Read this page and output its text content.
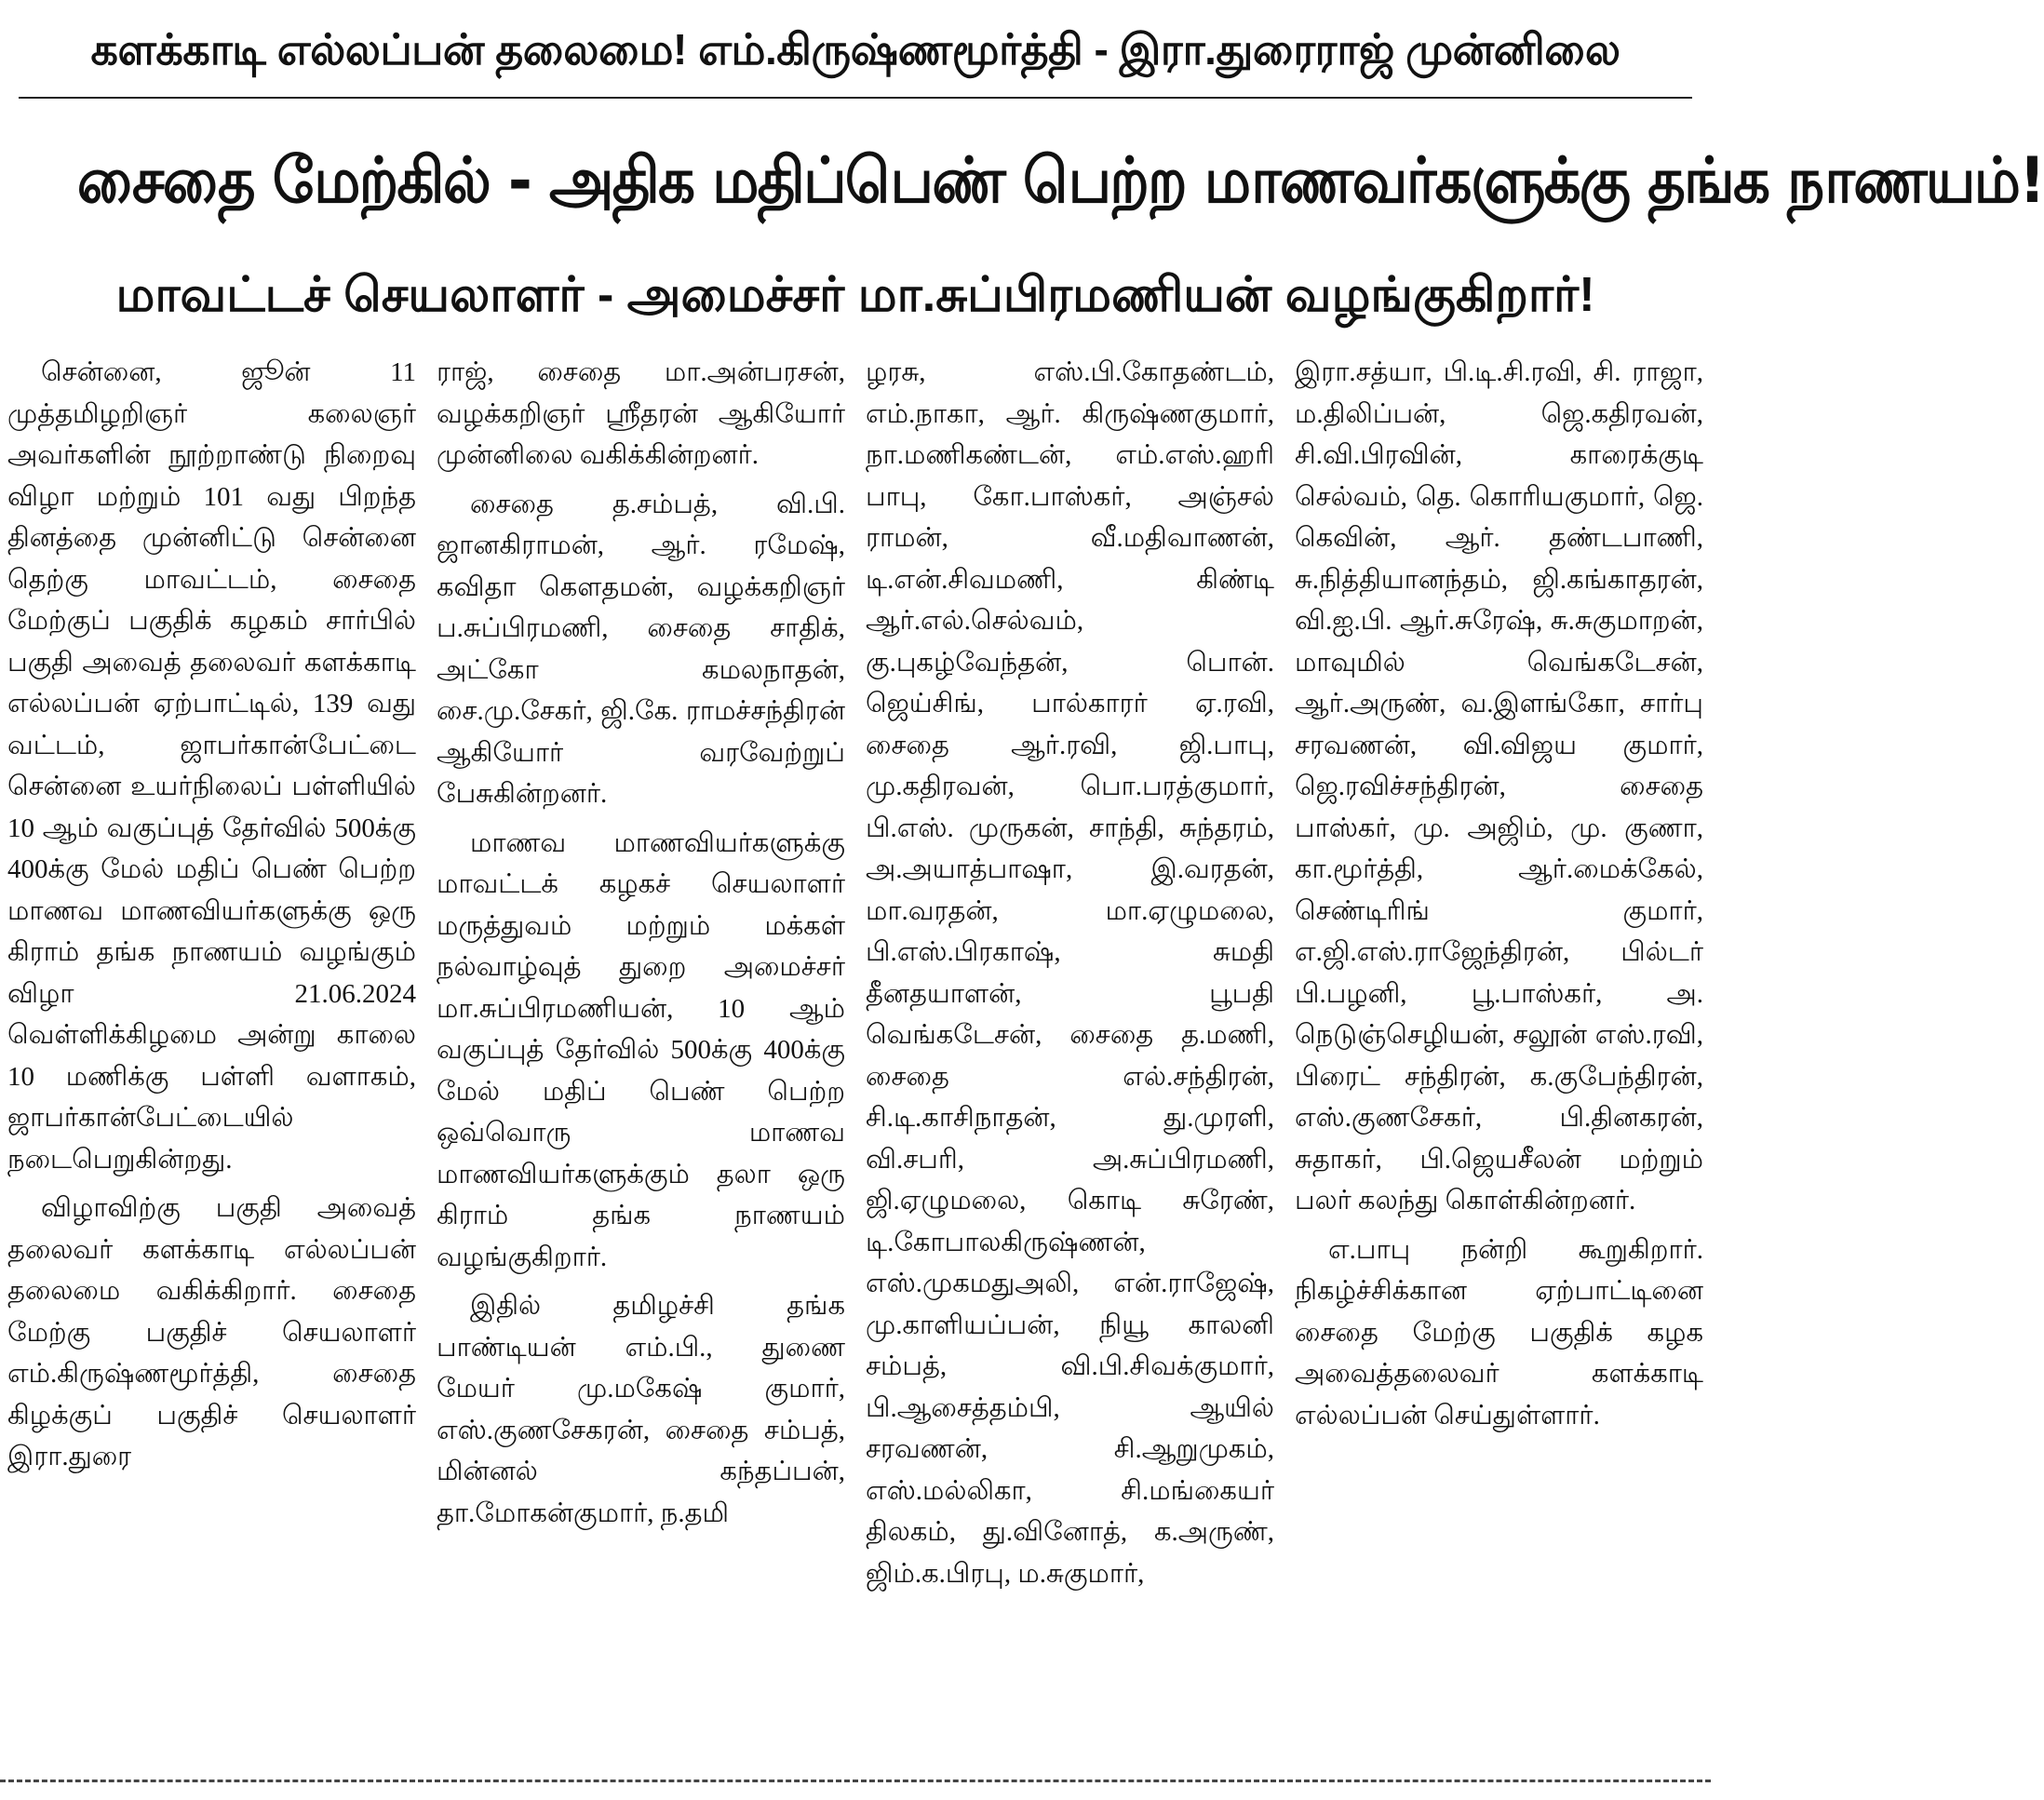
களக்காடி எல்லப்பன் தலைமை! எம்.கிருஷ்ணமூர்த்தி - இரா.துரைராஜ் முன்னிலை
சைதை மேற்கில் - அதிக மதிப்பெண் பெற்ற மாணவர்களுக்கு தங்க நாணயம்!
மாவட்டச் செயலாளர் - அமைச்சர் மா.சுப்பிரமணியன் வழங்குகிறார்!

சென்னை, ஜூன் 11 முத்தமிழறிஞர் கலைஞர் அவர்களின் நூற்றாண்டு நிறைவு விழா மற்றும் 101 வது பிறந்த தினத்தை முன்னிட்டு சென்னை தெற்கு மாவட்டம், சைதை மேற்குப் பகுதிக் கழகம் சார்பில் பகுதி அவைத் தலைவர் களக்காடி எல்லப்பன் ஏற்பாட்டில், 139 வது வட்டம், ஜாபர்கான்பேட்டை சென்னை உயர்நிலைப் பள்ளியில் 10 ஆம் வகுப்புத் தேர்வில் 500க்கு 400க்கு மேல் மதிப் பெண் பெற்ற மாணவ மாணவியர்களுக்கு ஒரு கிராம் தங்க நாணயம் வழங்கும் விழா 21.06.2024 வெள்ளிக்கிழமை அன்று காலை 10 மணிக்கு பள்ளி வளாகம், ஜாபர்கான்பேட்டையில் நடைபெறுகின்றது.

விழாவிற்கு பகுதி அவைத் தலைவர் களக்காடி எல்லப்பன் தலைமை வகிக்கிறார். சைதை மேற்கு பகுதிச் செயலாளர் எம்.கிருஷ்ணமூர்த்தி, சைதை கிழக்குப் பகுதிச் செயலாளர் இரா.துரை

ராஜ், சைதை மா.அன்பரசன், வழக்கறிஞர் ஸ்ரீதரன் ஆகியோர் முன்னிலை வகிக்கின்றனர்.

சைதை த.சம்பத், வி.பி. ஜானகிராமன், ஆர். ரமேஷ், கவிதா கௌதமன், வழக்கறிஞர் ப.சுப்பிரமணி, சைதை சாதிக், அட்கோ கமலநாதன், சை.மு.சேகர், ஜி.கே. ராமச்சந்திரன் ஆகியோர் வரவேற்றுப் பேசுகின்றனர்.

மாணவ மாணவியர்களுக்கு மாவட்டக் கழகச் செயலாளர் மருத்துவம் மற்றும் மக்கள் நல்வாழ்வுத் துறை அமைச்சர் மா.சுப்பிரமணியன், 10 ஆம் வகுப்புத் தேர்வில் 500க்கு 400க்கு மேல் மதிப் பெண் பெற்ற ஒவ்வொரு மாணவ மாணவியர்களுக்கும் தலா ஒரு கிராம் தங்க நாணயம் வழங்குகிறார்.

இதில் தமிழச்சி தங்க பாண்டியன் எம்.பி., துணை மேயர் மு.மகேஷ் குமார், எஸ்.குணசேகரன், சைதை சம்பத், மின்னல் கந்தப்பன், தா.மோகன்குமார், ந.தமி

ழரசு, எஸ்.பி.கோதண்டம், எம்.நாகா, ஆர். கிருஷ்ணகுமார், நா.மணிகண்டன், எம்.எஸ்.ஹரி பாபு, கோ.பாஸ்கர், அஞ்சல் ராமன், வீ.மதிவாணன், டி.என்.சிவமணி, கிண்டி ஆர்.எல்.செல்வம், கு.புகழ்வேந்தன், பொன். ஜெய்சிங், பால்காரர் ஏ.ரவி, சைதை ஆர்.ரவி, ஜி.பாபு, மு.கதிரவன், பொ.பரத்குமார், பி.எஸ். முருகன், சாந்தி, சுந்தரம், அ.அயாத்பாஷா, இ.வரதன், மா.வரதன், மா.ஏழுமலை, பி.எஸ்.பிரகாஷ், சுமதி தீனதயாளன், பூபதி வெங்கடேசன், சைதை த.மணி, சைதை எல்.சந்திரன், சி.டி.காசிநாதன், து.முரளி, வி.சபரி, அ.சுப்பிரமணி, ஜி.ஏழுமலை, கொடி சுரேண், டி.கோபாலகிருஷ்ணன், எஸ்.முகமதுஅலி, என்.ராஜேஷ், மு.காளியப்பன், நியூ காலனி சம்பத், வி.பி.சிவக்குமார், பி.ஆசைத்தம்பி, ஆயில் சரவணன், சி.ஆறுமுகம், எஸ்.மல்லிகா, சி.மங்கையர் திலகம், து.வினோத், க.அருண், ஜிம்.க.பிரபு, ம.சுகுமார்,

இரா.சத்யா, பி.டி.சி.ரவி, சி. ராஜா, ம.திலிப்பன், ஜெ.கதிரவன், சி.வி.பிரவின், காரைக்குடி செல்வம், தெ. கொரியகுமார், ஜெ. கெவின், ஆர். தண்டபாணி, சு.நித்தியானந்தம், ஜி.கங்காதரன், வி.ஐ.பி. ஆர்.சுரேஷ், சு.சுகுமாறன், மாவுமில் வெங்கடேசன், ஆர்.அருண், வ.இளங்கோ, சார்பு சரவணன், வி.விஜய குமார், ஜெ.ரவிச்சந்திரன், சைதை பாஸ்கர், மு. அஜிம், மு. குணா, கா.மூர்த்தி, ஆர்.மைக்கேல், செண்டிரிங் குமார், எ.ஜி.எஸ்.ராஜேந்திரன், பில்டர் பி.பழனி, பூ.பாஸ்கர், அ. நெடுஞ்செழியன், சலூன் எஸ்.ரவி, பிரைட் சந்திரன், க.குபேந்திரன், எஸ்.குணசேகர், பி.தினகரன், சுதாகர், பி.ஜெயசீலன் மற்றும் பலர் கலந்து கொள்கின்றனர்.

எ.பாபு நன்றி கூறுகிறார். நிகழ்ச்சிக்கான ஏற்பாட்டினை சைதை மேற்கு பகுதிக் கழக அவைத்தலைவர் களக்காடி எல்லப்பன் செய்துள்ளார்.
